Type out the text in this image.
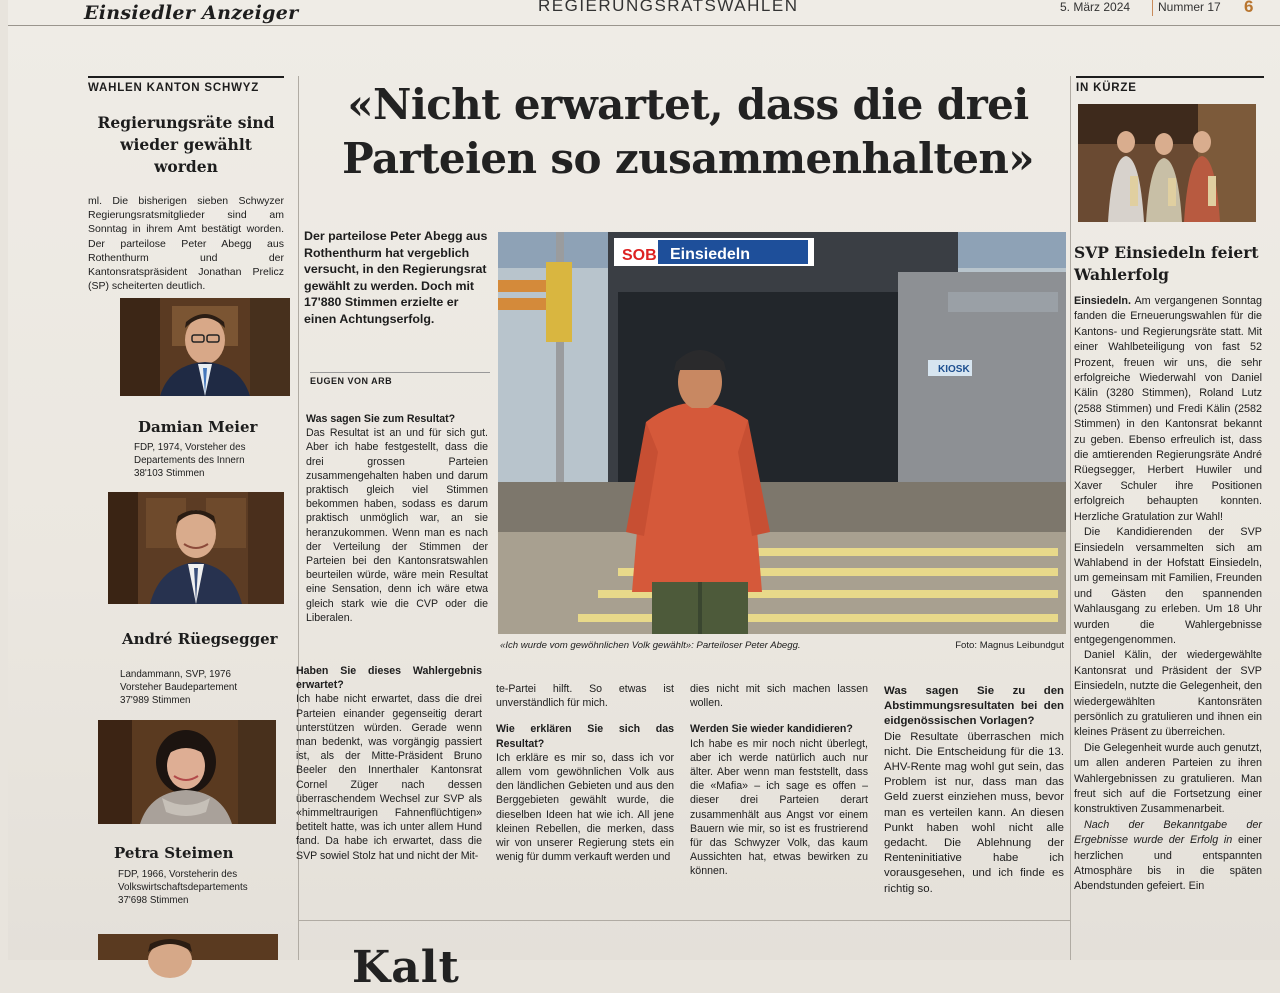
Einsiedler Anzeiger	REGIERUNGSRATSWAHLEN	5. März 2024 Nummer 17 6
WAHLEN KANTON SCHWYZ
Regierungsräte sind wieder gewählt worden
ml. Die bisherigen sieben Schwyzer Regierungsratsmitglieder sind am Sonntag in ihrem Amt bestätigt worden. Der parteilose Peter Abegg aus Rothenthurm und der Kantonsratspräsident Jonathan Prelicz (SP) scheiterten deutlich.
Damian Meier
FDP, 1974, Vorsteher des
Departements des Innern
38'103 Stimmen
André Rüegsegger
Landammann, SVP, 1976
Vorsteher Baudepartement
37'989 Stimmen
Petra Steimen
FDP, 1966, Vorsteherin des
Volkswirtschaftsdepartements
37'698 Stimmen
«Nicht erwartet, dass die drei Parteien so zusammenhalten»
Der parteilose Peter Abegg aus Rothenthurm hat vergeblich versucht, in den Regierungsrat gewählt zu werden. Doch mit 17'880 Stimmen erzielte er einen Achtungserfolg.
EUGEN VON ARB
Was sagen Sie zum Resultat?
Das Resultat ist an und für sich gut. Aber ich habe festgestellt, dass die drei grossen Parteien zusammengehalten haben und darum praktisch gleich viel Stimmen bekommen haben, sodass es darum praktisch unmöglich war, an sie heranzukommen. Wenn man es nach der Verteilung der Stimmen der Parteien bei den Kantonsratswahlen beurteilen würde, wäre mein Resultat eine Sensation, denn ich wäre etwa gleich stark wie die CVP oder die Liberalen.
Haben Sie dieses Wahlergebnis erwartet?
Ich habe nicht erwartet, dass die drei Parteien einander gegenseitig derart unterstützen würden. Gerade wenn man bedenkt, was vorgängig passiert ist, als der Mitte-Präsident Bruno Beeler den Innerthaler Kantonsrat Cornel Züger nach dessen überraschendem Wechsel zur SVP als «himmeltraurigen Fahnenflüchtigen» betitelt hatte, was ich unter allem Hund fand. Da habe ich erwartet, dass die SVP sowiel Stolz hat und nicht der Mit-
KIOSK
SOB Einsiedeln
«Ich wurde vom gewöhnlichen Volk gewählt»: Parteiloser Peter Abegg.	Foto: Magnus Leibundgut
te-Partei hilft. So etwas ist unverständlich für mich.
Wie erklären Sie sich das Resultat?
Ich erkläre es mir so, dass ich vor allem vom gewöhnlichen Volk aus den ländlichen Gebieten und aus den Berggebieten gewählt wurde, die dieselben Ideen hat wie ich. All jene kleinen Rebellen, die merken, dass wir von unserer Regierung stets ein wenig für dumm verkauft werden und
dies nicht mit sich machen lassen wollen.
Werden Sie wieder kandidieren?
Ich habe es mir noch nicht überlegt, aber ich werde natürlich auch nur älter. Aber wenn man feststellt, dass die «Mafia» – ich sage es offen – dieser drei Parteien derart zusammenhält aus Angst vor einem Bauern wie mir, so ist es frustrierend für das Schwyzer Volk, das kaum Aussichten hat, etwas bewirken zu können.
Was sagen Sie zu den Abstimmungsresultaten bei den eidgenössischen Vorlagen?
Die Resultate überraschen mich nicht. Die Entscheidung für die 13. AHV-Rente mag wohl gut sein, das Problem ist nur, dass man das Geld zuerst einziehen muss, bevor man es verteilen kann. An diesen Punkt haben wohl nicht alle gedacht. Die Ablehnung der Renteninitiative habe ich vorausgesehen, und ich finde es richtig so.
IN KÜRZE
SVP Einsiedeln feiert Wahlerfolg

Einsiedeln. Am vergangenen Sonntag fanden die Erneuerungswahlen für die Kantons- und Regierungsräte statt. Mit einer Wahlbeteiligung von fast 52 Prozent, freuen wir uns, die sehr erfolgreiche Wiederwahl von Daniel Kälin (3280 Stimmen), Roland Lutz (2588 Stimmen) und Fredi Kälin (2582 Stimmen) in den Kantonsrat bekannt zu geben. Ebenso erfreulich ist, dass die amtierenden Regierungsräte André Rüegsegger, Herbert Huwiler und Xaver Schuler ihre Positionen erfolgreich behaupten konnten. Herzliche Gratulation zur Wahl!

Die Kandidierenden der SVP Einsiedeln versammelten sich am Wahlabend in der Hofstatt Einsiedeln, um gemeinsam mit Familien, Freunden und Gästen den spannenden Wahlausgang zu erleben. Um 18 Uhr wurden die Wahlergebnisse entgegengenommen.

Daniel Kälin, der wiedergewählte Kantonsrat und Präsident der SVP Einsiedeln, nutzte die Gelegenheit, den wiedergewählten Kantonsräten persönlich zu gratulieren und ihnen ein kleines Präsent zu überreichen.

Die Gelegenheit wurde auch genutzt, um allen anderen Parteien zu ihren Wahlergebnissen zu gratulieren. Man freut sich auf die Fortsetzung einer konstruktiven Zusammenarbeit.

Nach der Bekanntgabe der Ergebnisse wurde der Erfolg in einer herzlichen und entspannten Atmosphäre bis in die späten Abendstunden gefeiert. Ein

Kalt
